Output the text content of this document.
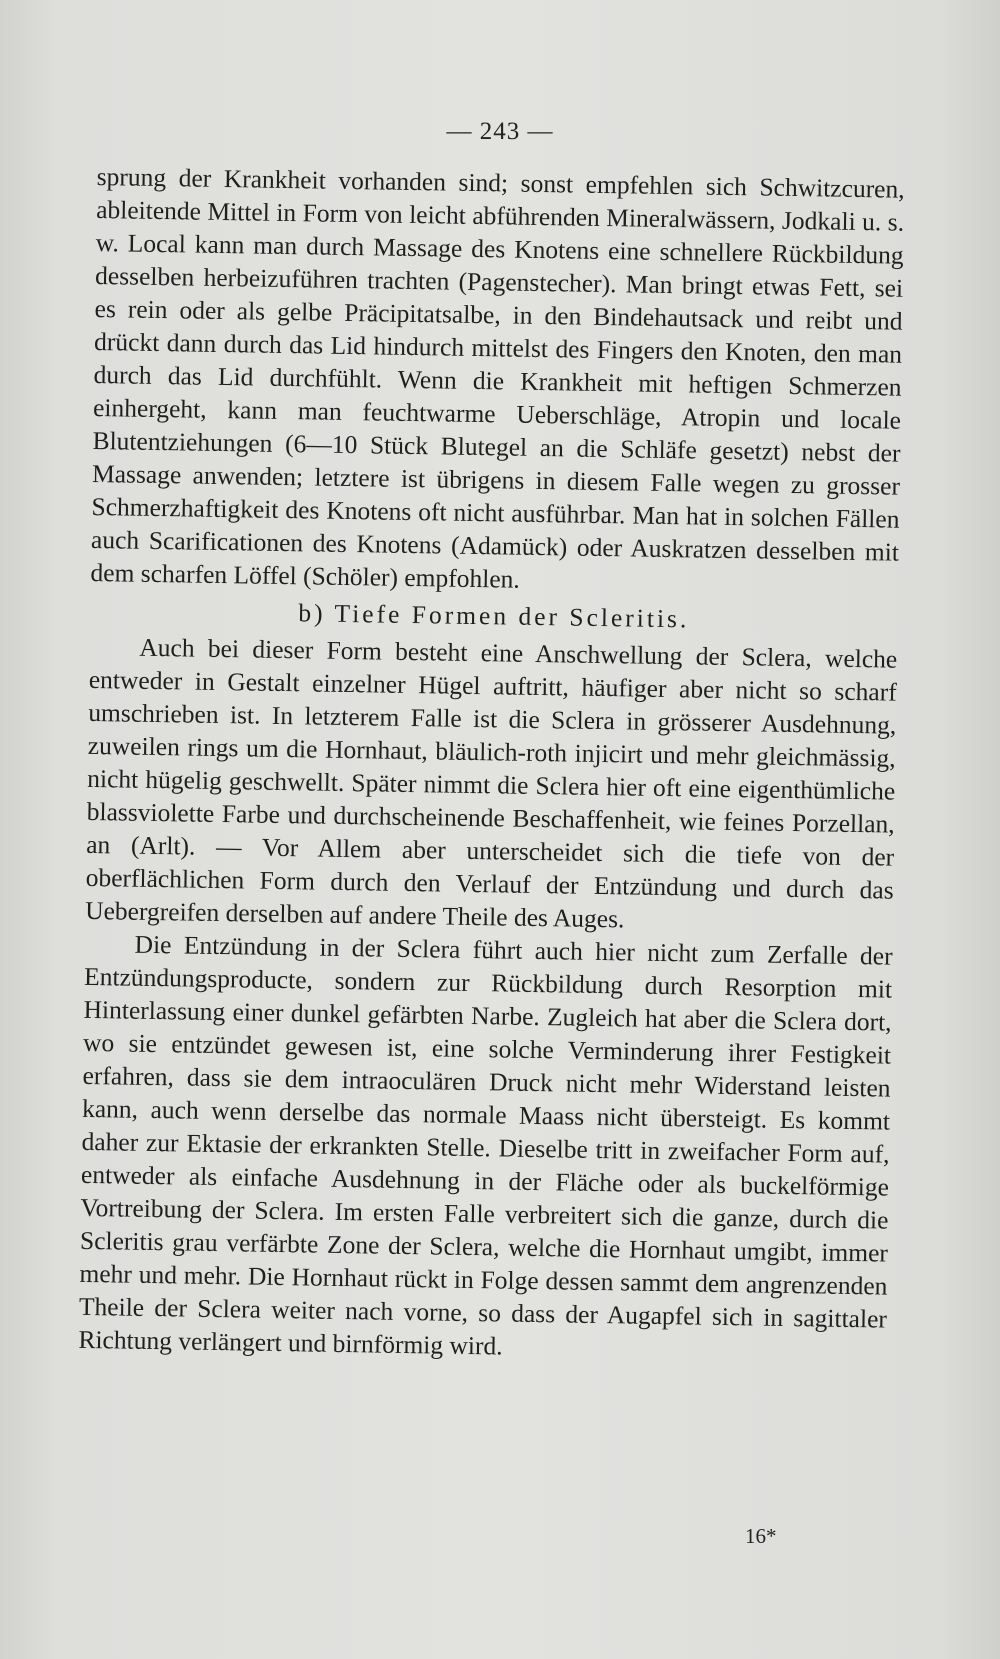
— 243 —

sprung der Krankheit vorhanden sind; sonst empfehlen sich Schwitzcuren, ableitende Mittel in Form von leicht abführenden Mineralwässern, Jodkali u. s. w. Local kann man durch Massage des Knotens eine schnellere Rückbildung desselben herbeizuführen trachten (Pagenstecher). Man bringt etwas Fett, sei es rein oder als gelbe Präcipitatsalbe, in den Bindehautsack und reibt und drückt dann durch das Lid hindurch mittelst des Fingers den Knoten, den man durch das Lid durchfühlt. Wenn die Krankheit mit heftigen Schmerzen einhergeht, kann man feuchtwarme Ueberschläge, Atropin und locale Blutentziehungen (6—10 Stück Blutegel an die Schläfe gesetzt) nebst der Massage anwenden; letztere ist übrigens in diesem Falle wegen zu grosser Schmerzhaftigkeit des Knotens oft nicht ausführbar. Man hat in solchen Fällen auch Scarificationen des Knotens (Adamück) oder Auskratzen desselben mit dem scharfen Löffel (Schöler) empfohlen.

b) Tiefe Formen der Scleritis.

Auch bei dieser Form besteht eine Anschwellung der Sclera, welche entweder in Gestalt einzelner Hügel auftritt, häufiger aber nicht so scharf umschrieben ist. In letzterem Falle ist die Sclera in grösserer Ausdehnung, zuweilen rings um die Hornhaut, bläulich-roth injicirt und mehr gleichmässig, nicht hügelig geschwellt. Später nimmt die Sclera hier oft eine eigenthümliche blassviolette Farbe und durchscheinende Beschaffenheit, wie feines Porzellan, an (Arlt). — Vor Allem aber unterscheidet sich die tiefe von der oberflächlichen Form durch den Verlauf der Entzündung und durch das Uebergreifen derselben auf andere Theile des Auges.

Die Entzündung in der Sclera führt auch hier nicht zum Zerfalle der Entzündungsproducte, sondern zur Rückbildung durch Resorption mit Hinterlassung einer dunkel gefärbten Narbe. Zugleich hat aber die Sclera dort, wo sie entzündet gewesen ist, eine solche Verminderung ihrer Festigkeit erfahren, dass sie dem intraoculären Druck nicht mehr Widerstand leisten kann, auch wenn derselbe das normale Maass nicht übersteigt. Es kommt daher zur Ektasie der erkrankten Stelle. Dieselbe tritt in zweifacher Form auf, entweder als einfache Ausdehnung in der Fläche oder als buckelförmige Vortreibung der Sclera. Im ersten Falle verbreitert sich die ganze, durch die Scleritis grau verfärbte Zone der Sclera, welche die Hornhaut umgibt, immer mehr und mehr. Die Hornhaut rückt in Folge dessen sammt dem angrenzenden Theile der Sclera weiter nach vorne, so dass der Augapfel sich in sagittaler Richtung verlängert und birnförmig wird.

16*
